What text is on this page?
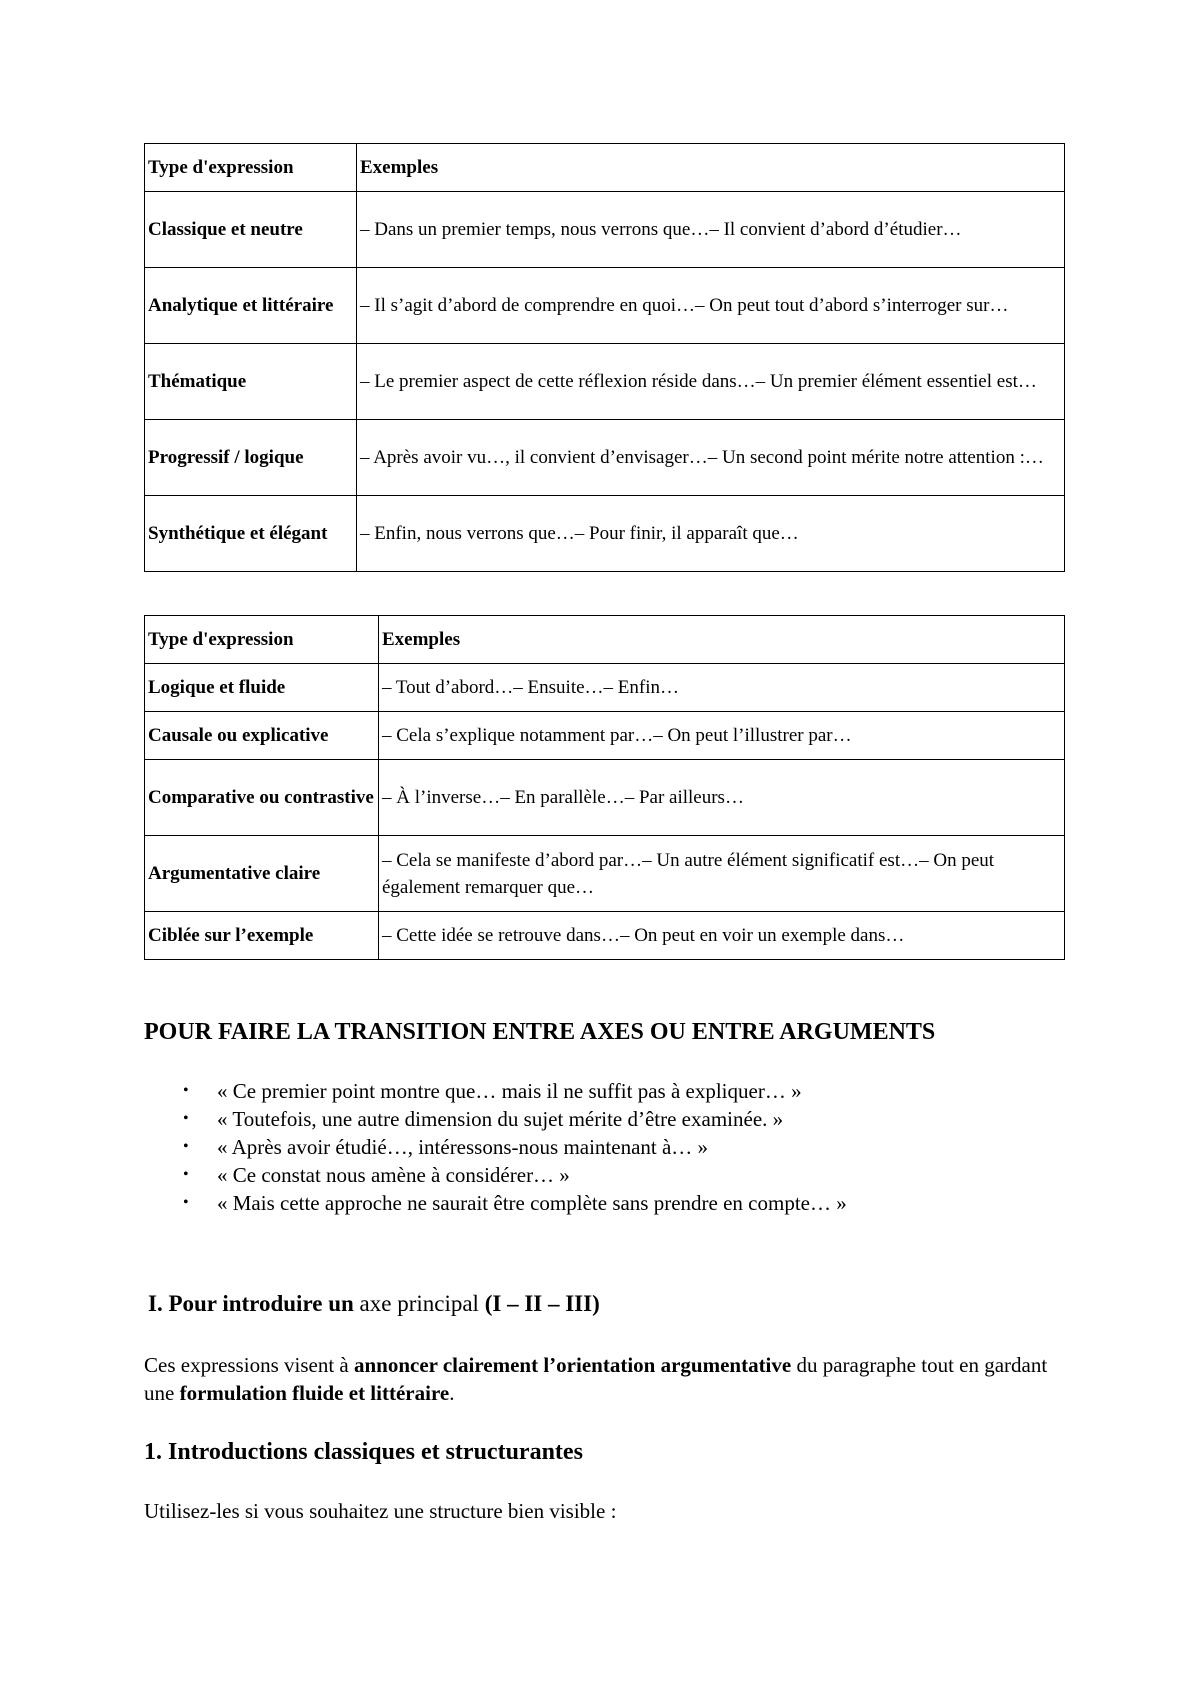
Type d'expression	Exemples
Classique et neutre	– Dans un premier temps, nous verrons que…– Il convient d’abord d’étudier…
Analytique et littéraire	– Il s’agit d’abord de comprendre en quoi…– On peut tout d’abord s’interroger sur…
Thématique	– Le premier aspect de cette réflexion réside dans…– Un premier élément essentiel est…
Progressif / logique	– Après avoir vu…, il convient d’envisager…– Un second point mérite notre attention :…
Synthétique et élégant	– Enfin, nous verrons que…– Pour finir, il apparaît que…
Type d'expression	Exemples
Logique et fluide	– Tout d’abord…– Ensuite…– Enfin…
Causale ou explicative	– Cela s’explique notamment par…– On peut l’illustrer par…
Comparative ou contrastive	– À l’inverse…– En parallèle…– Par ailleurs…
Argumentative claire	– Cela se manifeste d’abord par…– Un autre élément significatif est…– On peut également remarquer que…
Ciblée sur l’exemple	– Cette idée se retrouve dans…– On peut en voir un exemple dans…
POUR FAIRE LA TRANSITION ENTRE AXES OU ENTRE ARGUMENTS
• « Ce premier point montre que… mais il ne suffit pas à expliquer… »
• « Toutefois, une autre dimension du sujet mérite d’être examinée. »
• « Après avoir étudié…, intéressons-nous maintenant à… »
• « Ce constat nous amène à considérer… »
• « Mais cette approche ne saurait être complète sans prendre en compte… »
I. Pour introduire un axe principal (I – II – III)

Ces expressions visent à annoncer clairement l’orientation argumentative du paragraphe tout en gardant une formulation fluide et littéraire.

1. Introductions classiques et structurantes

Utilisez-les si vous souhaitez une structure bien visible :
